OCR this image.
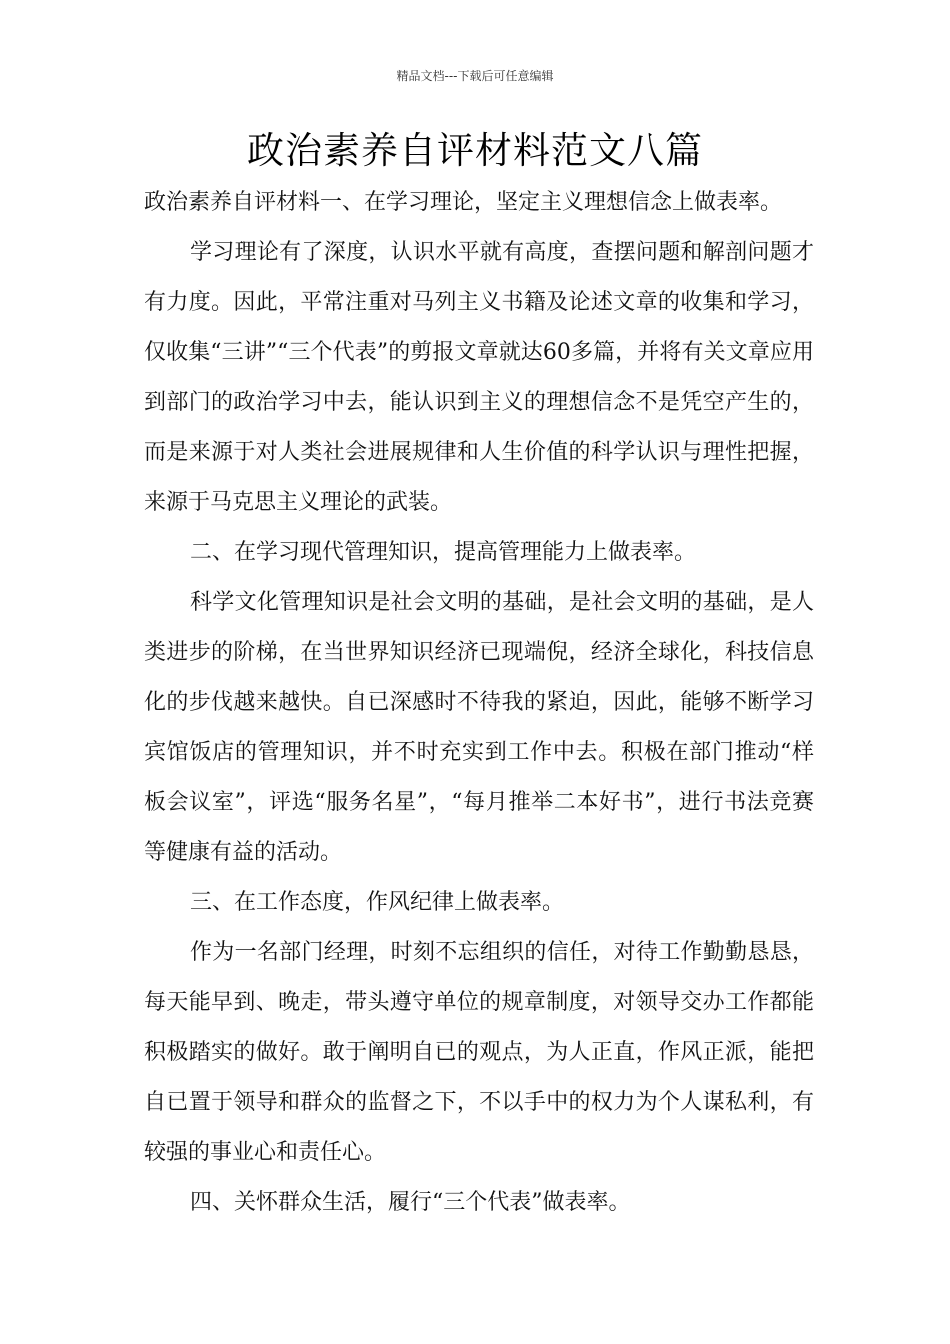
精品文档---下载后可任意编辑
政治素养自评材料范文八篇

政治素养自评材料一、在学习理论，坚定主义理想信念上做表率。

学习理论有了深度，认识水平就有高度，查摆问题和解剖问题才有力度。因此，平常注重对马列主义书籍及论述文章的收集和学习，仅收集“三讲”“三个代表”的剪报文章就达60多篇，并将有关文章应用到部门的政治学习中去，能认识到主义的理想信念不是凭空产生的，而是来源于对人类社会进展规律和人生价值的科学认识与理性把握，来源于马克思主义理论的武装。

二、在学习现代管理知识，提高管理能力上做表率。

科学文化管理知识是社会文明的基础，是社会文明的基础，是人类进步的阶梯，在当世界知识经济已现端倪，经济全球化，科技信息化的步伐越来越快。自已深感时不待我的紧迫，因此，能够不断学习宾馆饭店的管理知识，并不时充实到工作中去。积极在部门推动“样板会议室”，评选“服务名星”，“每月推举二本好书”，进行书法竞赛等健康有益的活动。

三、在工作态度，作风纪律上做表率。

作为一名部门经理，时刻不忘组织的信任，对待工作勤勤恳恳，每天能早到、晚走，带头遵守单位的规章制度，对领导交办工作都能积极踏实的做好。敢于阐明自已的观点，为人正直，作风正派，能把自已置于领导和群众的监督之下，不以手中的权力为个人谋私利，有较强的事业心和责任心。

四、关怀群众生活，履行“三个代表”做表率。
